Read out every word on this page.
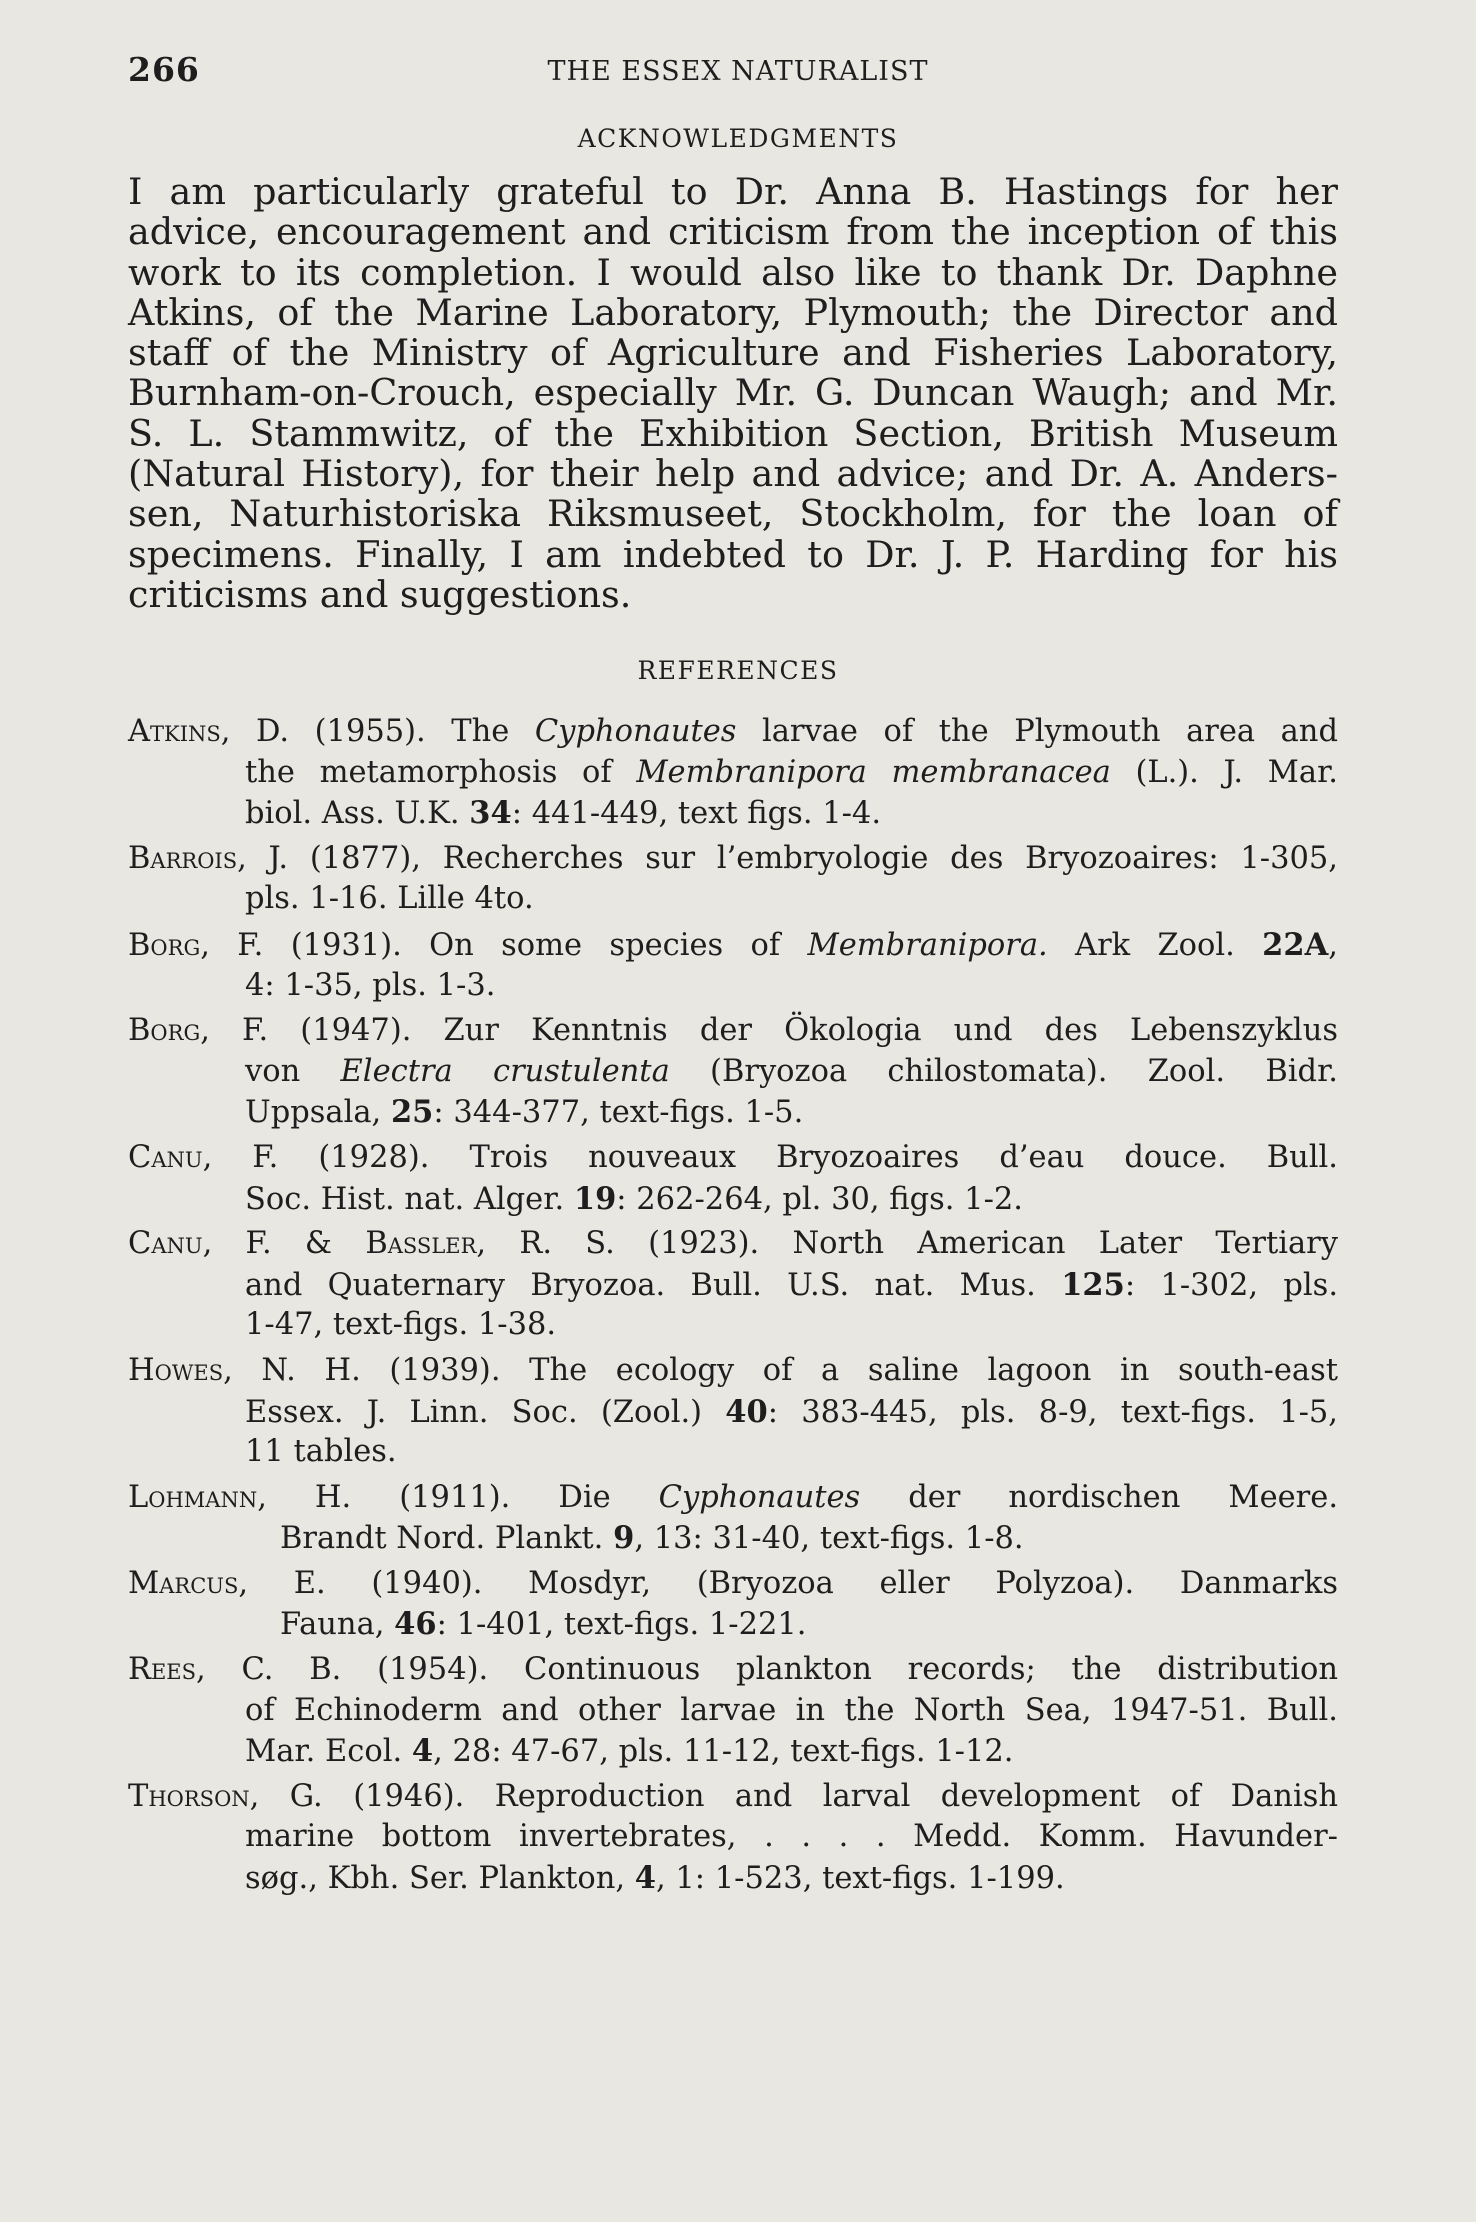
266	THE ESSEX NATURALIST
ACKNOWLEDGMENTS
I am particularly grateful to Dr. Anna B. Hastings for her
advice, encouragement and criticism from the inception of this
work to its completion. I would also like to thank Dr. Daphne
Atkins, of the Marine Laboratory, Plymouth; the Director and
staff of the Ministry of Agriculture and Fisheries Laboratory,
Burnham-on-Crouch, especially Mr. G. Duncan Waugh; and Mr.
S. L. Stammwitz, of the Exhibition Section, British Museum
(Natural History), for their help and advice; and Dr. A. Anders-
sen, Naturhistoriska Riksmuseet, Stockholm, for the loan of
specimens. Finally, I am indebted to Dr. J. P. Harding for his
criticisms and suggestions.
REFERENCES
Atkins, D. (1955). The Cyphonautes larvae of the Plymouth area and
the metamorphosis of Membranipora membranacea (L.). J. Mar.
biol. Ass. U.K. 34: 441-449, text figs. 1-4.
Barrois, J. (1877), Recherches sur l’embryologie des Bryozoaires: 1-305,
pls. 1-16. Lille 4to.
Borg, F. (1931). On some species of Membranipora. Ark Zool. 22A,
4: 1-35, pls. 1-3.
Borg, F. (1947). Zur Kenntnis der Ökologia und des Lebenszyklus
von Electra crustulenta (Bryozoa chilostomata). Zool. Bidr.
Uppsala, 25: 344-377, text-figs. 1-5.
Canu, F. (1928). Trois nouveaux Bryozoaires d’eau douce. Bull.
Soc. Hist. nat. Alger. 19: 262-264, pl. 30, figs. 1-2.
Canu, F. & Bassler, R. S. (1923). North American Later Tertiary
and Quaternary Bryozoa. Bull. U.S. nat. Mus. 125: 1-302, pls.
1-47, text-figs. 1-38.
Howes, N. H. (1939). The ecology of a saline lagoon in south-east
Essex. J. Linn. Soc. (Zool.) 40: 383-445, pls. 8-9, text-figs. 1-5,
11 tables.
Lohmann, H. (1911). Die Cyphonautes der nordischen Meere.
Brandt Nord. Plankt. 9, 13: 31-40, text-figs. 1-8.
Marcus, E. (1940). Mosdyr, (Bryozoa eller Polyzoa). Danmarks
Fauna, 46: 1-401, text-figs. 1-221.
Rees, C. B. (1954). Continuous plankton records; the distribution
of Echinoderm and other larvae in the North Sea, 1947-51. Bull.
Mar. Ecol. 4, 28: 47-67, pls. 11-12, text-figs. 1-12.
Thorson, G. (1946). Reproduction and larval development of Danish
marine bottom invertebrates, . . . . Medd. Komm. Havunder-
søg., Kbh. Ser. Plankton, 4, 1: 1-523, text-figs. 1-199.
